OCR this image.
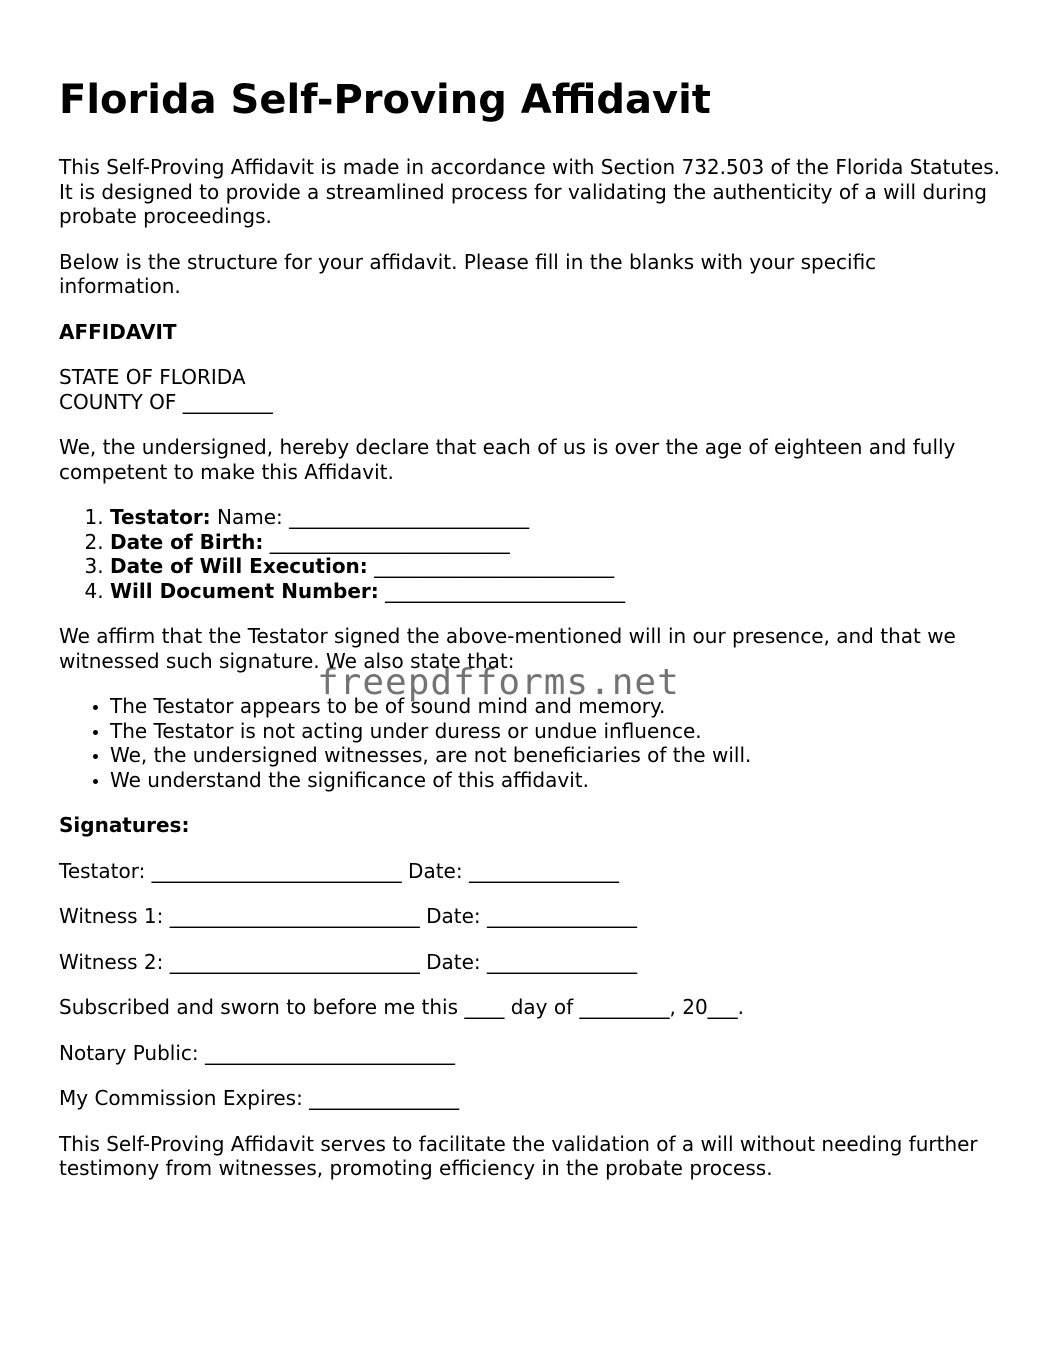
Florida Self-Proving Affidavit

This Self-Proving Affidavit is made in accordance with Section 732.503 of the Florida Statutes. It is designed to provide a streamlined process for validating the authenticity of a will during probate proceedings.

Below is the structure for your affidavit. Please fill in the blanks with your specific information.

AFFIDAVIT

STATE OF FLORIDA
COUNTY OF _________

We, the undersigned, hereby declare that each of us is over the age of eighteen and fully competent to make this Affidavit.

1. Testator: Name: ________________________
2. Date of Birth: ________________________
3. Date of Will Execution: ________________________
4. Will Document Number: ________________________

We affirm that the Testator signed the above-mentioned will in our presence, and that we witnessed such signature. We also state that:

• The Testator appears to be of sound mind and memory.
• The Testator is not acting under duress or undue influence.
• We, the undersigned witnesses, are not beneficiaries of the will.
• We understand the significance of this affidavit.

Signatures:

Testator: _________________________ Date: _______________

Witness 1: _________________________ Date: _______________

Witness 2: _________________________ Date: _______________

Subscribed and sworn to before me this ____ day of _________, 20___.

Notary Public: _________________________

My Commission Expires: _______________

This Self-Proving Affidavit serves to facilitate the validation of a will without needing further testimony from witnesses, promoting efficiency in the probate process.

freepdfforms.net
